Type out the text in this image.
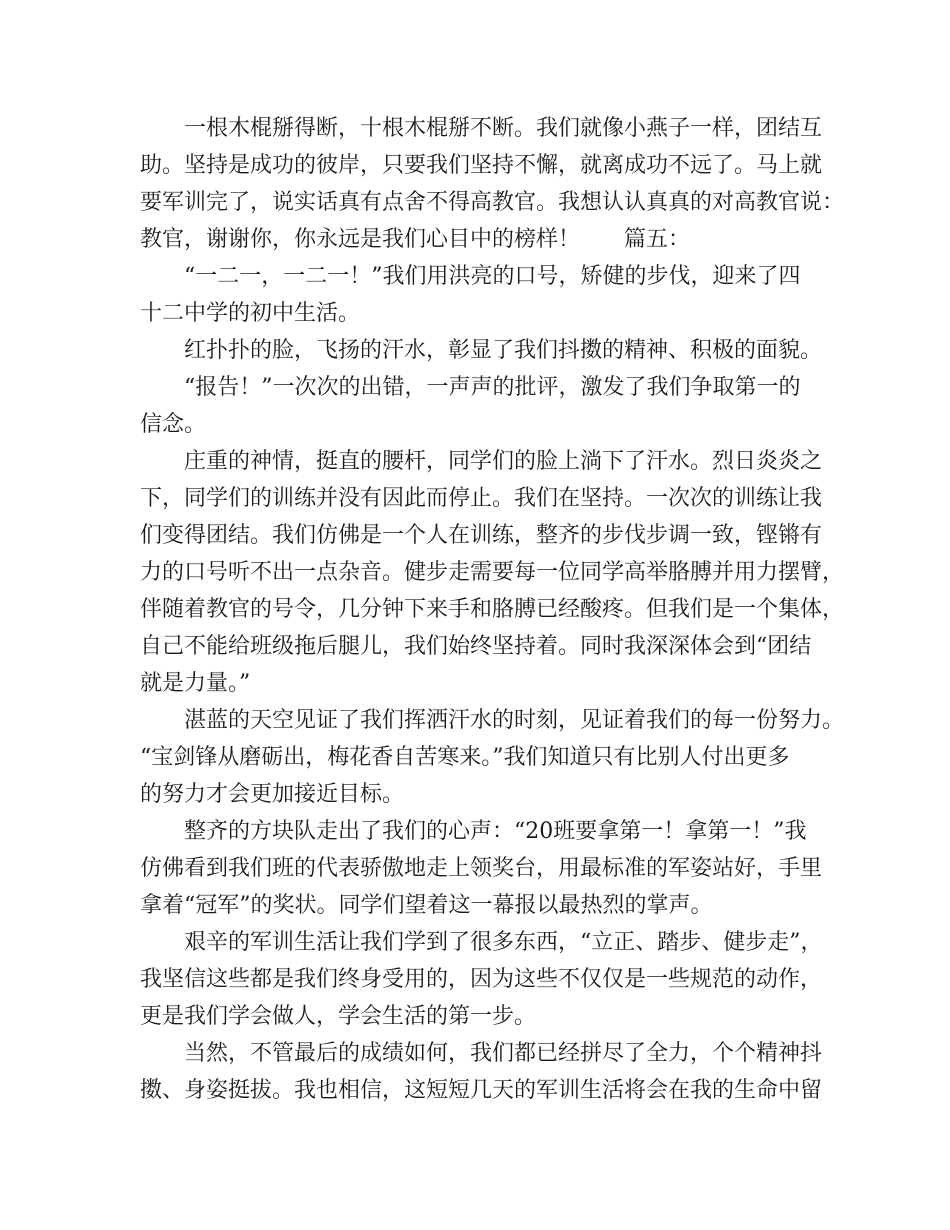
　　一根木棍掰得断，十根木棍掰不断。我们就像小燕子一样，团结互
助。坚持是成功的彼岸，只要我们坚持不懈，就离成功不远了。马上就
要军训完了，说实话真有点舍不得高教官。我想认认真真的对高教官说：
教官，谢谢你，你永远是我们心目中的榜样！　　篇五：
　　“一二一，一二一！”我们用洪亮的口号，矫健的步伐，迎来了四
十二中学的初中生活。
　　红扑扑的脸，飞扬的汗水，彰显了我们抖擞的精神、积极的面貌。
　　“报告！”一次次的出错，一声声的批评，激发了我们争取第一的
信念。
　　庄重的神情，挺直的腰杆，同学们的脸上淌下了汗水。烈日炎炎之
下，同学们的训练并没有因此而停止。我们在坚持。一次次的训练让我
们变得团结。我们仿佛是一个人在训练，整齐的步伐步调一致，铿锵有
力的口号听不出一点杂音。健步走需要每一位同学高举胳膊并用力摆臂，
伴随着教官的号令，几分钟下来手和胳膊已经酸疼。但我们是一个集体，
自己不能给班级拖后腿儿，我们始终坚持着。同时我深深体会到“团结
就是力量。”
　　湛蓝的天空见证了我们挥洒汗水的时刻，见证着我们的每一份努力。
“宝剑锋从磨砺出，梅花香自苦寒来。”我们知道只有比别人付出更多
的努力才会更加接近目标。
　　整齐的方块队走出了我们的心声：“20班要拿第一！拿第一！”我
仿佛看到我们班的代表骄傲地走上领奖台，用最标准的军姿站好，手里
拿着“冠军”的奖状。同学们望着这一幕报以最热烈的掌声。
　　艰辛的军训生活让我们学到了很多东西，“立正、踏步、健步走”，
我坚信这些都是我们终身受用的，因为这些不仅仅是一些规范的动作，
更是我们学会做人，学会生活的第一步。
　　当然，不管最后的成绩如何，我们都已经拼尽了全力，个个精神抖
擞、身姿挺拔。我也相信，这短短几天的军训生活将会在我的生命中留
